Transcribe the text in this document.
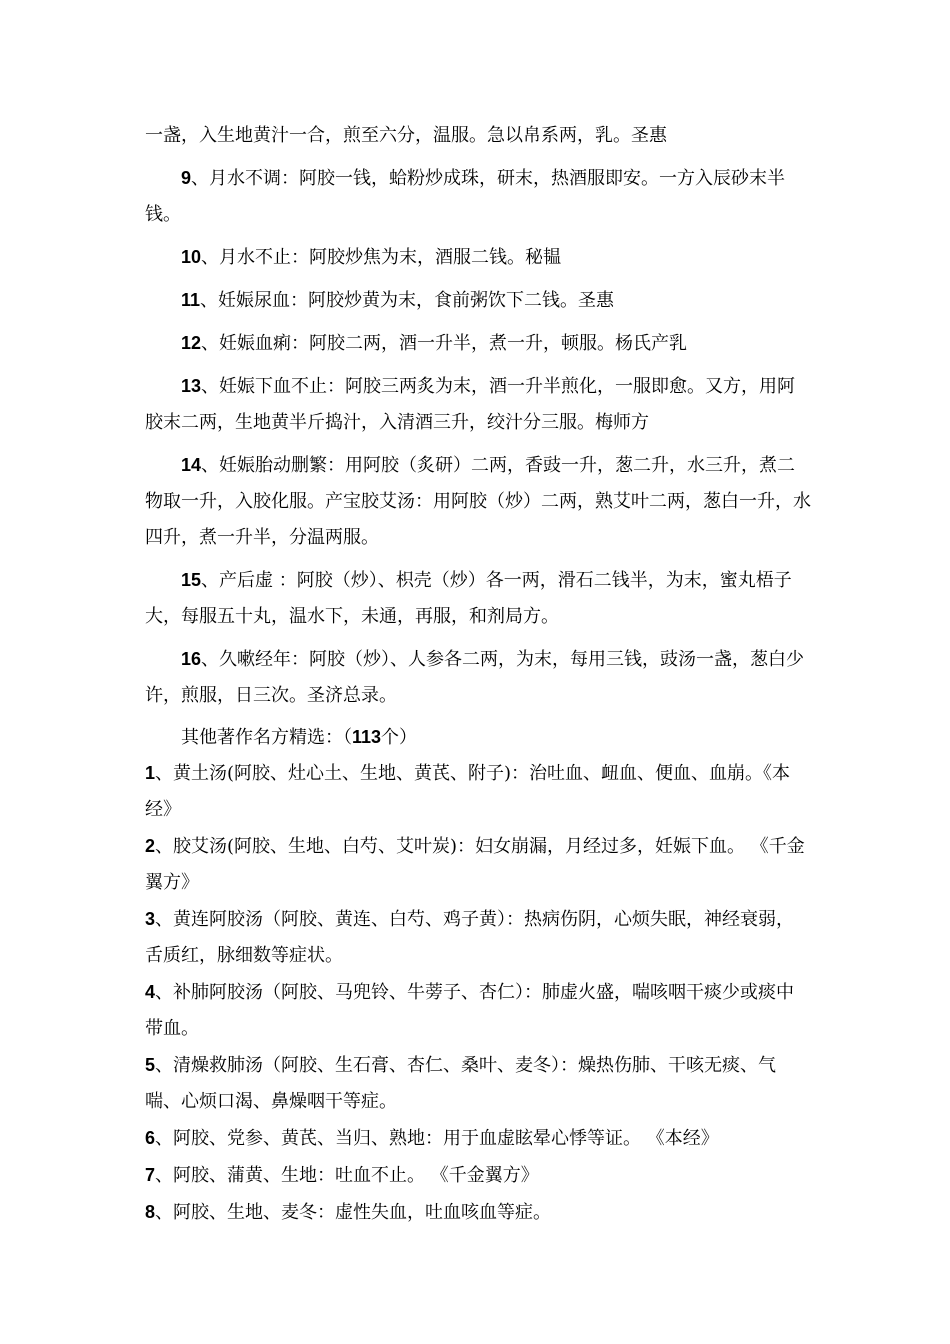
一盏，入生地黄汁一合，煎至六分，温服。急以帛系两，乳。圣惠

9、月水不调：阿胶一钱，蛤粉炒成珠，研末，热酒服即安。一方入辰砂末半钱。

10、月水不止：阿胶炒焦为末，酒服二钱。秘韫

11、妊娠尿血：阿胶炒黄为末，食前粥饮下二钱。圣惠

12、妊娠血痢：阿胶二两，酒一升半，煮一升，顿服。杨氏产乳

13、妊娠下血不止：阿胶三两炙为末，酒一升半煎化，一服即愈。又方，用阿胶末二两，生地黄半斤捣汁，入清酒三升，绞汁分三服。梅师方

14、妊娠胎动删繁：用阿胶（炙研）二两，香豉一升，葱二升，水三升，煮二物取一升，入胶化服。产宝胶艾汤：用阿胶（炒）二两，熟艾叶二两，葱白一升，水四升，煮一升半，分温两服。

15、产后虚 ：阿胶（炒）、枳壳（炒）各一两，滑石二钱半，为末，蜜丸梧子大，每服五十丸，温水下，未通，再服，和剂局方。

16、久嗽经年：阿胶（炒）、人参各二两，为末，每用三钱，豉汤一盏，葱白少许，煎服，日三次。圣济总录。

其他著作名方精选：（113个）

1、黄土汤(阿胶、灶心土、生地、黄芪、附子)：治吐血、衄血、便血、血崩。《本经》

2、胶艾汤(阿胶、生地、白芍、艾叶炭)：妇女崩漏，月经过多，妊娠下血。 《千金翼方》

3、黄连阿胶汤（阿胶、黄连、白芍、鸡子黄）：热病伤阴，心烦失眠，神经衰弱，舌质红，脉细数等症状。

4、补肺阿胶汤（阿胶、马兜铃、牛蒡子、杏仁）：肺虚火盛，喘咳咽干痰少或痰中带血。

5、清燥救肺汤（阿胶、生石膏、杏仁、桑叶、麦冬）：燥热伤肺、干咳无痰、气喘、心烦口渴、鼻燥咽干等症。

6、阿胶、党参、黄芪、当归、熟地：用于血虚眩晕心悸等证。 《本经》

7、阿胶、蒲黄、生地：吐血不止。 《千金翼方》

8、阿胶、生地、麦冬：虚性失血，吐血咳血等症。
